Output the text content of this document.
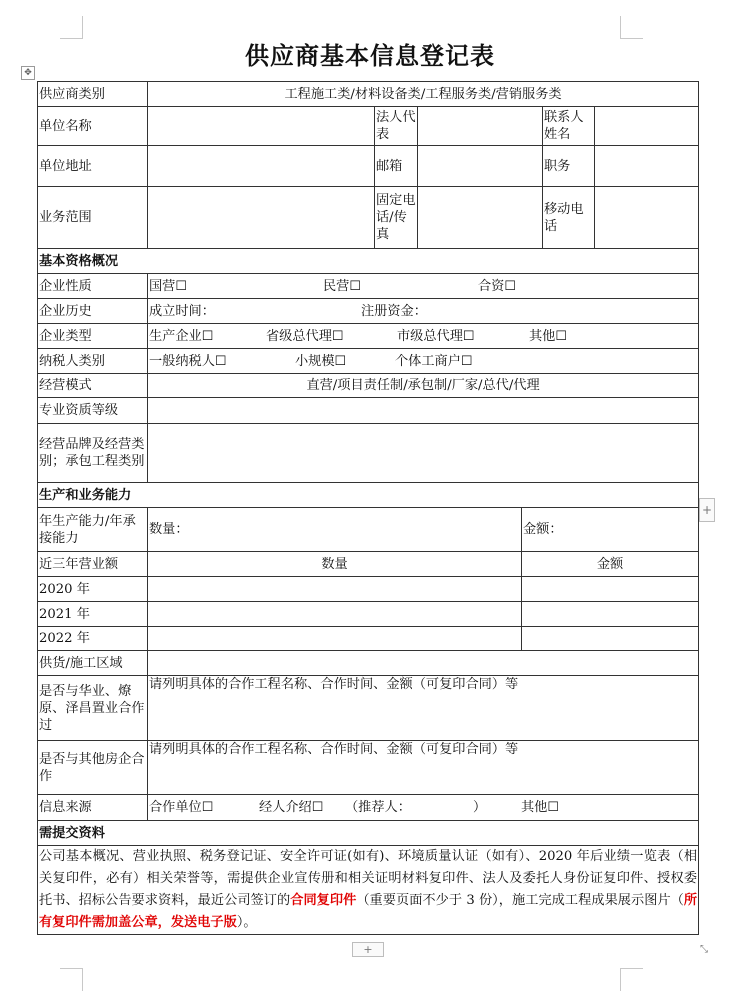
供应商基本信息登记表
✥
供应商类别	工程施工类/材料设备类/工程服务类/营销服务类					
单位名称		法人代表			联系人姓名	
单位地址		邮箱			职务	
业务范围		固定电话/传真			移动电话	
基本资格概况						
企业性质	国营☐ 民营☐ 合资☐					
企业历史	成立时间： 注册资金：					
企业类型	生产企业☐ 省级总代理☐ 市级总代理☐ 其他☐					
纳税人类别	一般纳税人☐ 小规模☐ 个体工商户☐					
经营模式	直营/项目责任制/承包制/厂家/总代/代理					
专业资质等级						
经营品牌及经营类别；承包工程类别						
生产和业务能力						
年生产能力/年承接能力	数量：			金额：		
近三年营业额	数量			金额		
2020 年						
2021 年						
2022 年						
供货/施工区域						
是否与华业、燎原、泽昌置业合作过	请列明具体的合作工程名称、合作时间、金额（可复印合同）等					
是否与其他房企合作	请列明具体的合作工程名称、合作时间、金额（可复印合同）等					
信息来源	合作单位☐ 经人介绍☐ （推荐人： ） 其他☐					
需提交资料						
公司基本概况、营业执照、税务登记证、安全许可证(如有)、环境质量认证（如有）、2020 年后业绩一览表（相关复印件，必有）相关荣誉等，需提供企业宣传册和相关证明材料复印件、法人及委托人身份证复印件、授权委托书、招标公告要求资料，最近公司签订的合同复印件（重要页面不少于 3 份），施工完成工程成果展示图片（所有复印件需加盖公章，发送电子版）。						
+
+	⤡
